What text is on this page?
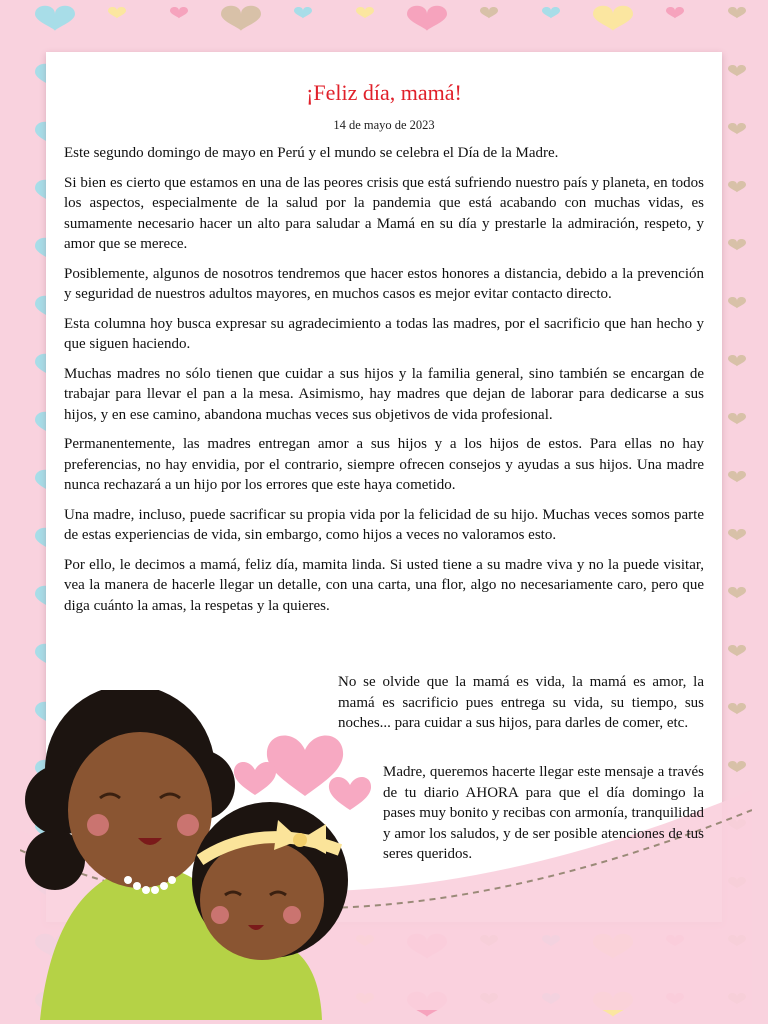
¡Feliz día, mamá!
14 de mayo de 2023

Este segundo domingo de mayo en Perú y el mundo se celebra el Día de la Madre.

Si bien es cierto que estamos en una de las peores crisis que está sufriendo nuestro país y planeta, en todos los aspectos, especialmente de la salud por la pandemia que está acabando con muchas vidas, es sumamente necesario hacer un alto para saludar a Mamá en su día y prestarle la admiración, respeto, y amor que se merece.

Posiblemente, algunos de nosotros tendremos que hacer estos honores a distancia, debido a la prevención y seguridad de nuestros adultos mayores, en muchos casos es mejor evitar contacto directo.

Esta columna hoy busca expresar su agradecimiento a todas las madres, por el sacrificio que han hecho y que siguen haciendo.

Muchas madres no sólo tienen que cuidar a sus hijos y la familia general, sino también se encargan de trabajar para llevar el pan a la mesa. Asimismo, hay madres que dejan de laborar para dedicarse a sus hijos, y en ese camino, abandona muchas veces sus objetivos de vida profesional.

Permanentemente, las madres entregan amor a sus hijos y a los hijos de estos. Para ellas no hay preferencias, no hay envidia, por el contrario, siempre ofrecen consejos y ayudas a sus hijos. Una madre nunca rechazará a un hijo por los errores que este haya cometido.

Una madre, incluso, puede sacrificar su propia vida por la felicidad de su hijo. Muchas veces somos parte de estas experiencias de vida, sin embargo, como hijos a veces no valoramos esto.

Por ello, le decimos a mamá, feliz día, mamita linda. Si usted tiene a su madre viva y no la puede visitar, vea la manera de hacerle llegar un detalle, con una carta, una flor, algo no necesariamente caro, pero que diga cuánto la amas, la respetas y la quieres.

No se olvide que la mamá es vida, la mamá es amor, la mamá es sacrificio pues entrega su vida, su tiempo, sus noches... para cuidar a sus hijos, para darles de comer, etc.

Madre, queremos hacerte llegar este mensaje a través de tu diario AHORA para que el día domingo la pases muy bonito y recibas con armonía, tranquilidad y amor los saludos, y de ser posible atenciones de tus seres queridos.
